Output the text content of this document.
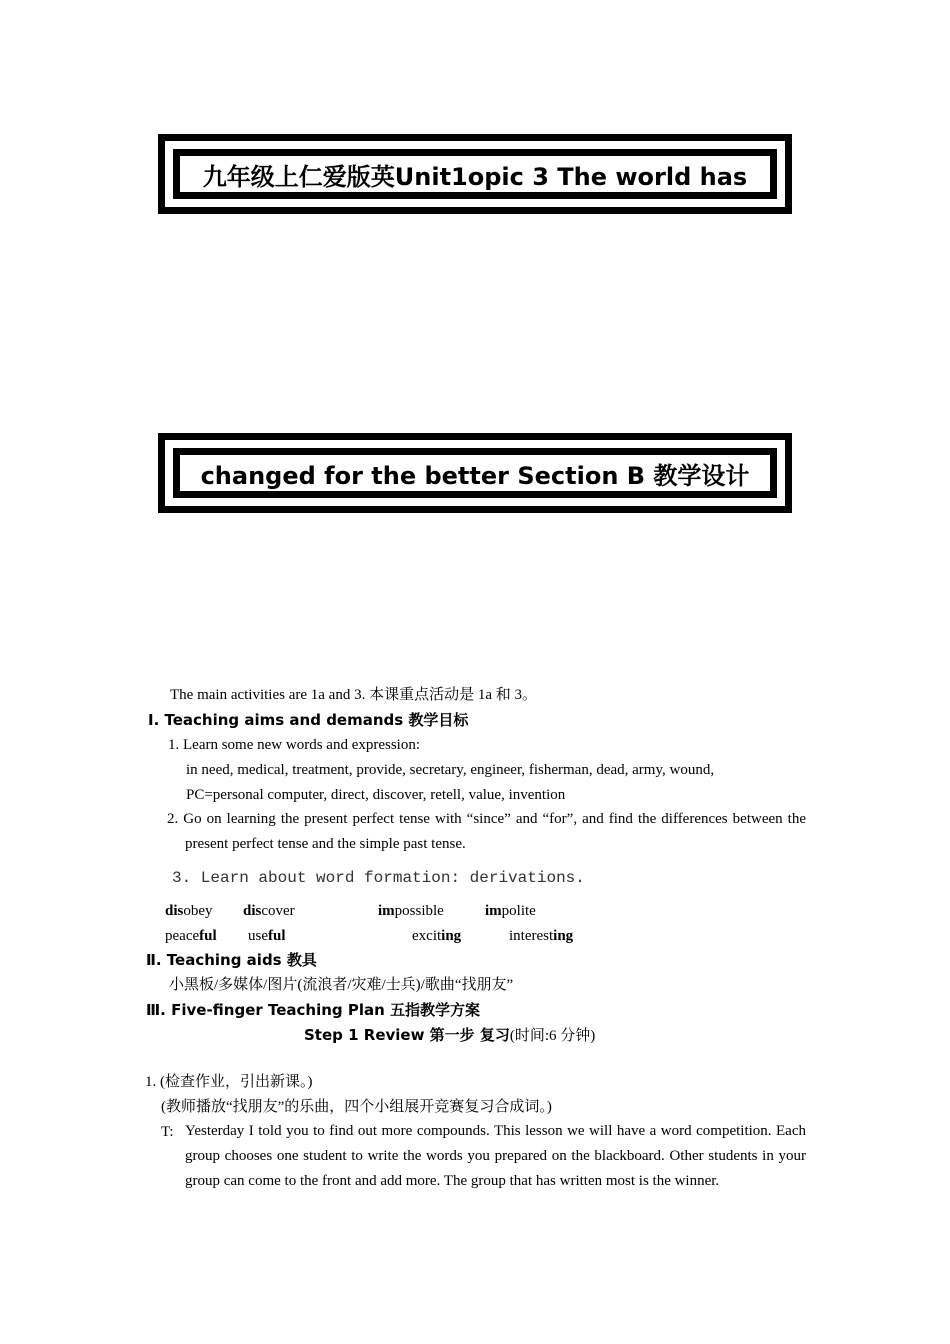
九年级上仁爱版英Unit1opic 3 The world has
changed for the better Section B 教学设计
The main activities are 1a and 3. 本课重点活动是 1a 和 3。
Ⅰ. Teaching aims and demands 教学目标
1. Learn some new words and expression:
in need, medical, treatment, provide, secretary, engineer, fisherman, dead, army, wound,
PC=personal computer, direct, discover, retell, value, invention
2. Go on learning the present perfect tense with “since” and “for”, and find the differences between the present perfect tense and the simple past tense.
3. Learn about word formation: derivations.
disobey discover	impossible	impolite
peaceful useful	exciting	interesting
Ⅱ. Teaching aids 教具
小黑板/多媒体/图片(流浪者/灾难/士兵)/歌曲“找朋友”
Ⅲ. Five-finger Teaching Plan 五指教学方案
Step 1 Review 第一步 复习(时间:6 分钟)
1. (检查作业，引出新课。)
(教师播放“找朋友”的乐曲，四个小组展开竞赛复习合成词。)
T: Yesterday I told you to find out more compounds. This lesson we will have a word competition. Each group chooses one student to write the words you prepared on the blackboard. Other students in your group can come to the front and add more. The group that has written most is the winner.
